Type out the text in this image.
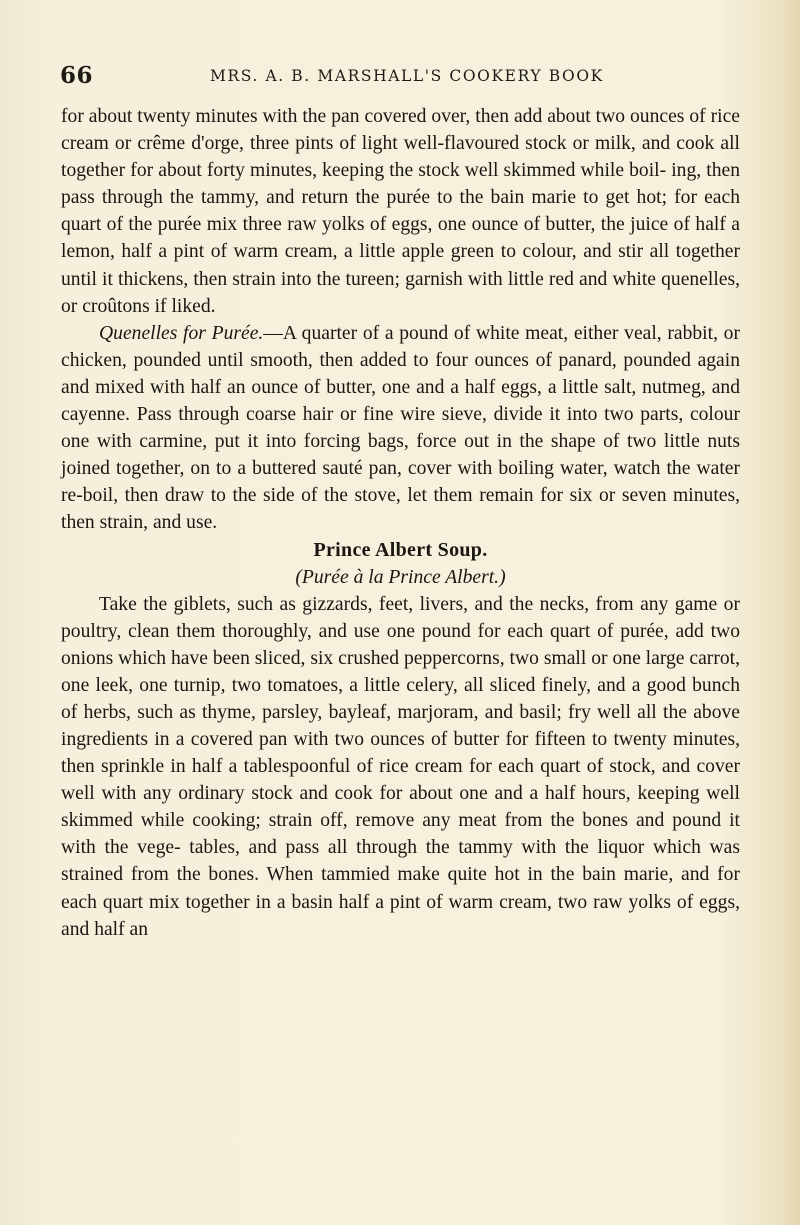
66	MRS. A. B. MARSHALL'S COOKERY BOOK

for about twenty minutes with the pan covered over, then add about two ounces of rice cream or crême d'orge, three pints of light well-flavoured stock or milk, and cook all together for about forty minutes, keeping the stock well skimmed while boil- ing, then pass through the tammy, and return the purée to the bain marie to get hot; for each quart of the purée mix three raw yolks of eggs, one ounce of butter, the juice of half a lemon, half a pint of warm cream, a little apple green to colour, and stir all together until it thickens, then strain into the tureen; garnish with little red and white quenelles, or croûtons if liked.

Quenelles for Purée.—A quarter of a pound of white meat, either veal, rabbit, or chicken, pounded until smooth, then added to four ounces of panard, pounded again and mixed with half an ounce of butter, one and a half eggs, a little salt, nutmeg, and cayenne. Pass through coarse hair or fine wire sieve, divide it into two parts, colour one with carmine, put it into forcing bags, force out in the shape of two little nuts joined together, on to a buttered sauté pan, cover with boiling water, watch the water re-boil, then draw to the side of the stove, let them remain for six or seven minutes, then strain, and use.

Prince Albert Soup.

(Purée à la Prince Albert.)

Take the giblets, such as gizzards, feet, livers, and the necks, from any game or poultry, clean them thoroughly, and use one pound for each quart of purée, add two onions which have been sliced, six crushed peppercorns, two small or one large carrot, one leek, one turnip, two tomatoes, a little celery, all sliced finely, and a good bunch of herbs, such as thyme, parsley, bayleaf, marjoram, and basil; fry well all the above ingredients in a covered pan with two ounces of butter for fifteen to twenty minutes, then sprinkle in half a tablespoonful of rice cream for each quart of stock, and cover well with any ordinary stock and cook for about one and a half hours, keeping well skimmed while cooking; strain off, remove any meat from the bones and pound it with the vege- tables, and pass all through the tammy with the liquor which was strained from the bones. When tammied make quite hot in the bain marie, and for each quart mix together in a basin half a pint of warm cream, two raw yolks of eggs, and half an
